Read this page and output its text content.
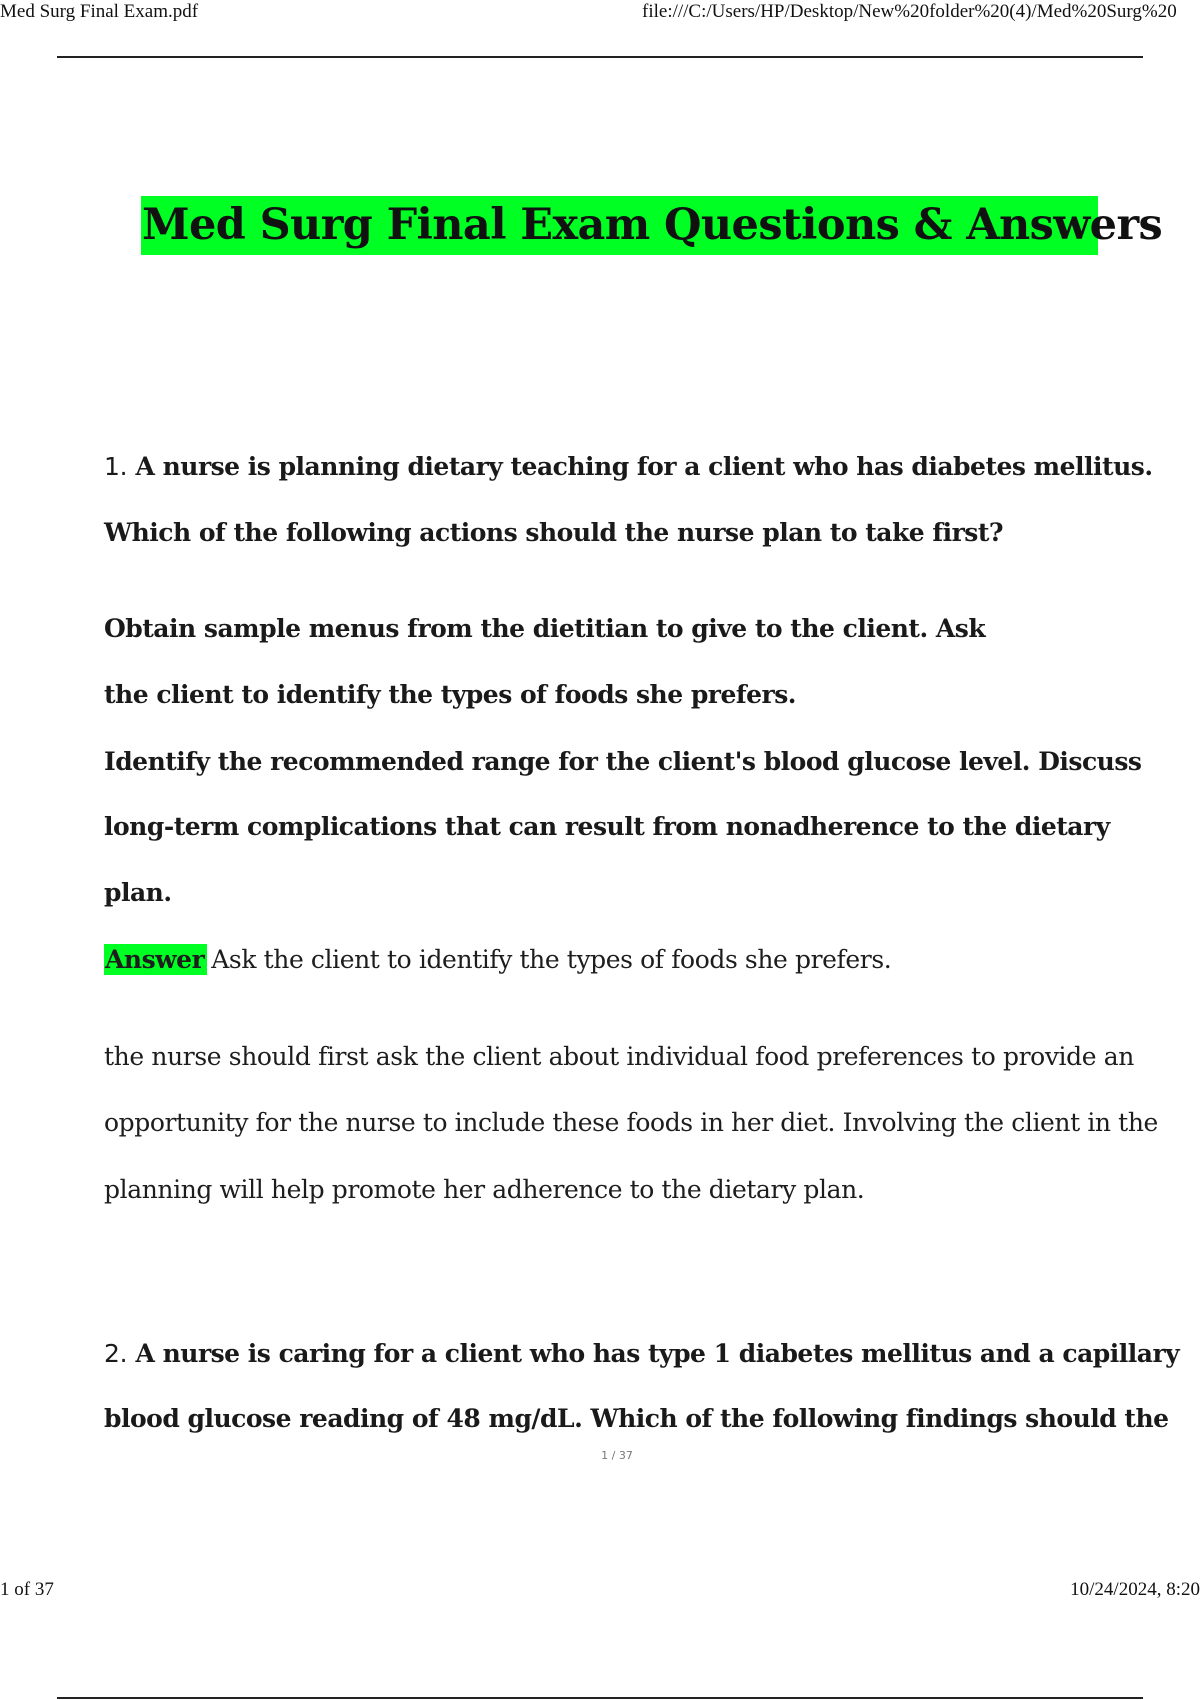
Med Surg Final Exam.pdf	file:///C:/Users/HP/Desktop/New%20folder%20(4)/Med%20Surg%20
Med Surg Final Exam Questions & Answers
1. A nurse is planning dietary teaching for a client who has diabetes mellitus.
Which of the following actions should the nurse plan to take first?
Obtain sample menus from the dietitian to give to the client. Ask
the client to identify the types of foods she prefers.
Identify the recommended range for the client's blood glucose level. Discuss
long-term complications that can result from nonadherence to the dietary
plan.
Answer Ask the client to identify the types of foods she prefers.
the nurse should first ask the client about individual food preferences to provide an
opportunity for the nurse to include these foods in her diet. Involving the client in the
planning will help promote her adherence to the dietary plan.
2. A nurse is caring for a client who has type 1 diabetes mellitus and a capillary
blood glucose reading of 48 mg/dL. Which of the following findings should the
1 / 37
1 of 37	10/24/2024, 8:20
